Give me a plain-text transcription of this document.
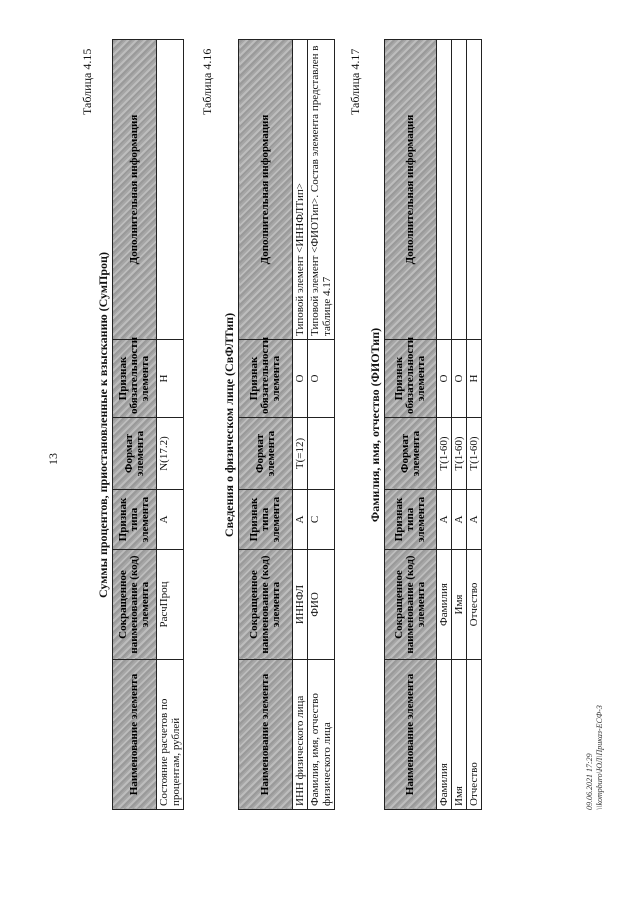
13
Таблица 4.15
Суммы процентов, приостановленные к взысканию (СумПроц)
Наименование элемента	Сокращенное наименование (код) элемента	Признак типа элемента	Формат элемента	Признак обязательности элемента	Дополнительная информация
Состояние расчетов по процентам, рублей	РасчПроц	А	N(17.2)	Н	
Таблица 4.16
Сведения о физическом лице (СвФЛТип)
Наименование элемента	Сокращенное наименование (код) элемента	Признак типа элемента	Формат элемента	Признак обязательности элемента	Дополнительная информация
ИНН физического лица	ИННФЛ	А	Т(=12)	О	Типовой элемент <ИННФЛТип>
Фамилия, имя, отчество физического лица	ФИО	С		О	Типовой элемент <ФИОТип>. Состав элемента представлен в таблице 4.17
Таблица 4.17
Фамилия, имя, отчество (ФИОТип)
Наименование элемента	Сокращенное наименование (код) элемента	Признак типа элемента	Формат элемента	Признак обязательности элемента	Дополнительная информация
Фамилия	Фамилия	А	Т(1-60)	О	
Имя	Имя	А	Т(1-60)	О	
Отчество	Отчество	А	Т(1-60)	Н	
09.06.2021 17:29 \\kompburo\ЮЛ\Приказ-ЕСФ-3
